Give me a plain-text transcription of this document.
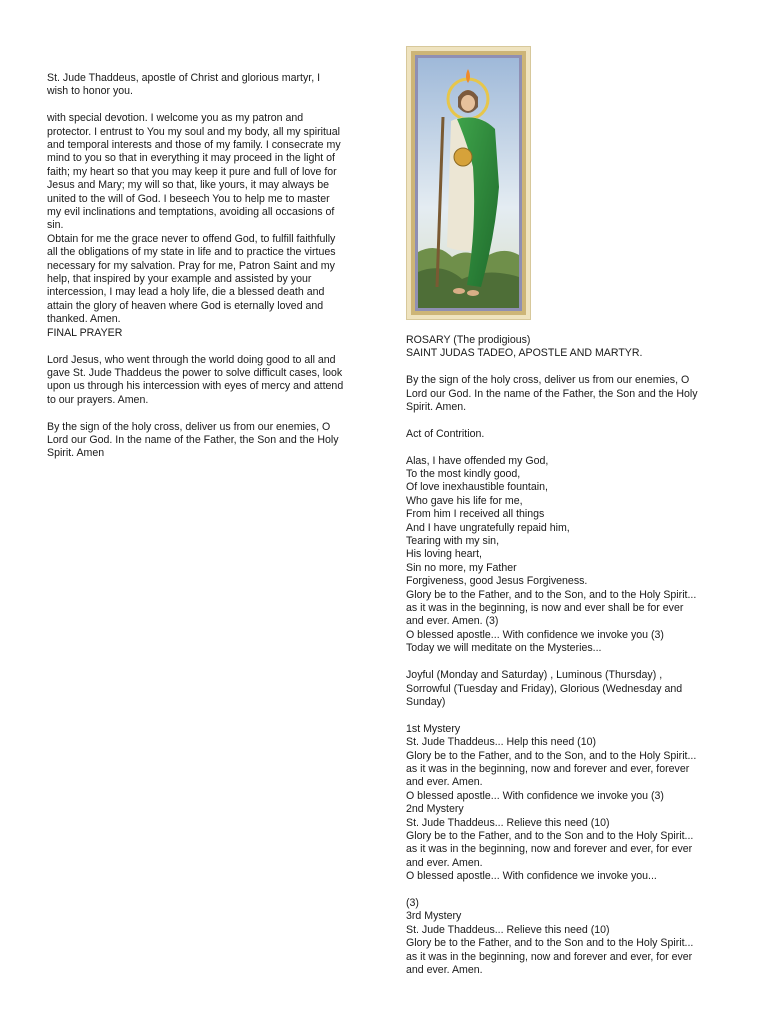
St. Jude Thaddeus, apostle of Christ and glorious martyr, I
wish to honor you.

with special devotion. I welcome you as my patron and
protector. I entrust to You my soul and my body, all my spiritual
and temporal interests and those of my family. I consecrate my
mind to you so that in everything it may proceed in the light of
faith; my heart so that you may keep it pure and full of love for
Jesus and Mary; my will so that, like yours, it may always be
united to the will of God. I beseech You to help me to master
my evil inclinations and temptations, avoiding all occasions of
sin.
Obtain for me the grace never to offend God, to fulfill faithfully
all the obligations of my state in life and to practice the virtues
necessary for my salvation. Pray for me, Patron Saint and my
help, that inspired by your example and assisted by your
intercession, I may lead a holy life, die a blessed death and
attain the glory of heaven where God is eternally loved and
thanked. Amen.
FINAL PRAYER

Lord Jesus, who went through the world doing good to all and
gave St. Jude Thaddeus the power to solve difficult cases, look
upon us through his intercession with eyes of mercy and attend
to our prayers. Amen.

By the sign of the holy cross, deliver us from our enemies, O
Lord our God. In the name of the Father, the Son and the Holy
Spirit. Amen

ROSARY (The prodigious)
SAINT JUDAS TADEO, APOSTLE AND MARTYR.

By the sign of the holy cross, deliver us from our enemies, O
Lord our God. In the name of the Father, the Son and the Holy
Spirit. Amen.

Act of Contrition.

Alas, I have offended my God,
To the most kindly good,
Of love inexhaustible fountain,
Who gave his life for me,
From him I received all things
And I have ungratefully repaid him,
Tearing with my sin,
His loving heart,
Sin no more, my Father
Forgiveness, good Jesus Forgiveness.
Glory be to the Father, and to the Son, and to the Holy Spirit...
as it was in the beginning, is now and ever shall be for ever
and ever. Amen. (3)
O blessed apostle... With confidence we invoke you (3)
Today we will meditate on the Mysteries...

Joyful (Monday and Saturday) , Luminous (Thursday) ,
Sorrowful (Tuesday and Friday), Glorious (Wednesday and
Sunday)

1st Mystery
St. Jude Thaddeus... Help this need (10)
Glory be to the Father, and to the Son, and to the Holy Spirit...
as it was in the beginning, now and forever and ever, forever
and ever. Amen.
O blessed apostle... With confidence we invoke you (3)
2nd Mystery
St. Jude Thaddeus... Relieve this need (10)
Glory be to the Father, and to the Son and to the Holy Spirit...
as it was in the beginning, now and forever and ever, for ever
and ever. Amen.
O blessed apostle... With confidence we invoke you...

(3)
3rd Mystery
St. Jude Thaddeus... Relieve this need (10)
Glory be to the Father, and to the Son and to the Holy Spirit...
as it was in the beginning, now and forever and ever, for ever
and ever. Amen.
